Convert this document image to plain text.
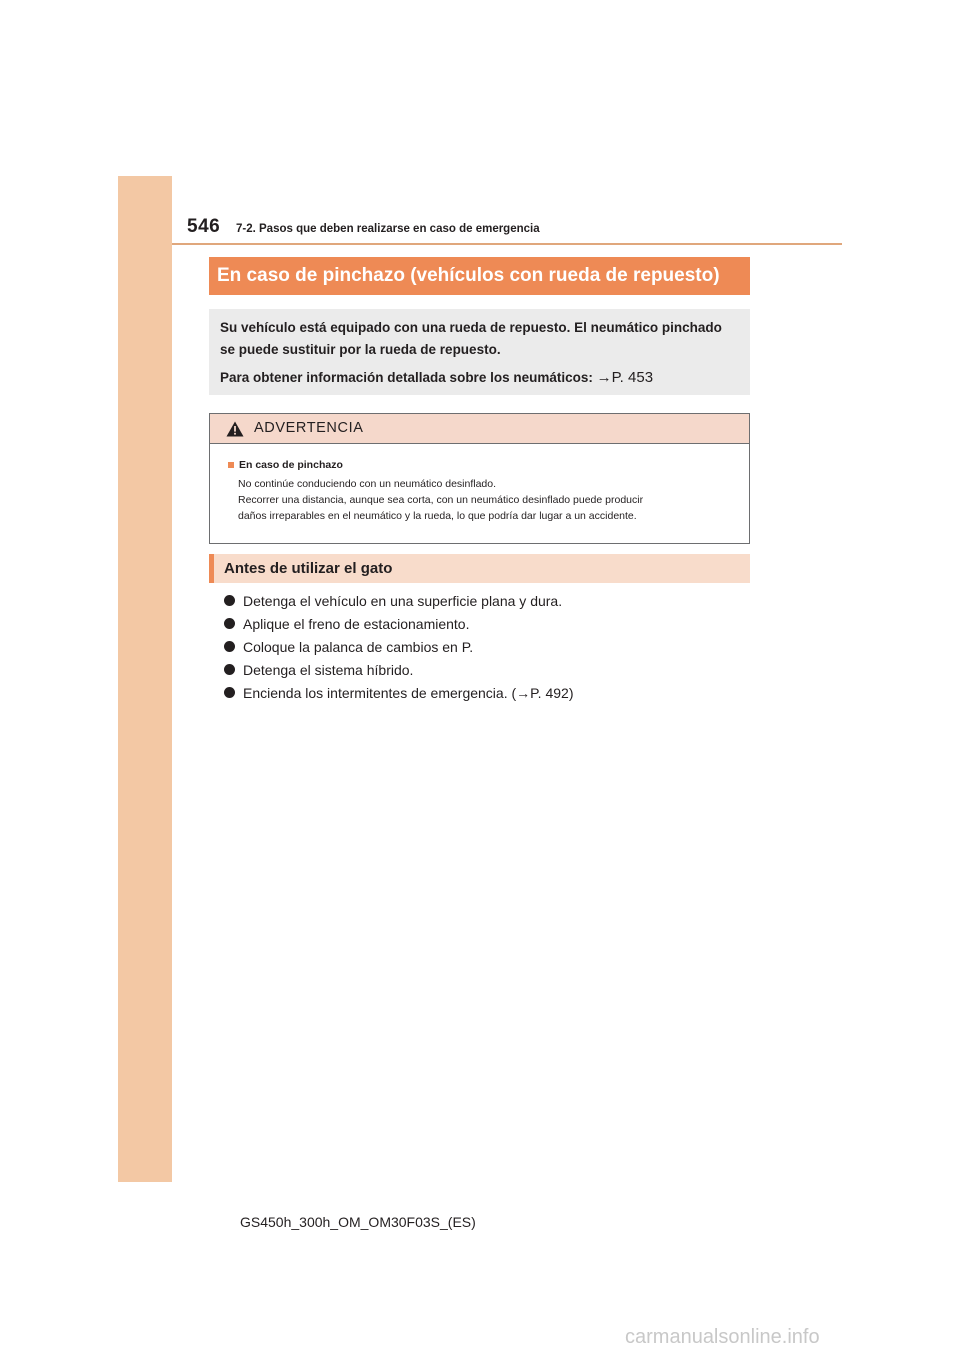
546 7-2. Pasos que deben realizarse en caso de emergencia
En caso de pinchazo (vehículos con rueda de repuesto)

Su vehículo está equipado con una rueda de repuesto. El neumático pinchado

se puede sustituir por la rueda de repuesto.

Para obtener información detallada sobre los neumáticos: →P. 453

ADVERTENCIA
En caso de pinchazo
No continúe conduciendo con un neumático desinflado.
Recorrer una distancia, aunque sea corta, con un neumático desinflado puede producir
daños irreparables en el neumático y la rueda, lo que podría dar lugar a un accidente.
Antes de utilizar el gato
Detenga el vehículo en una superficie plana y dura.
Aplique el freno de estacionamiento.
Coloque la palanca de cambios en P.
Detenga el sistema híbrido.
Encienda los intermitentes de emergencia. (→P. 492)
GS450h_300h_OM_OM30F03S_(ES)
carmanualsonline.info
